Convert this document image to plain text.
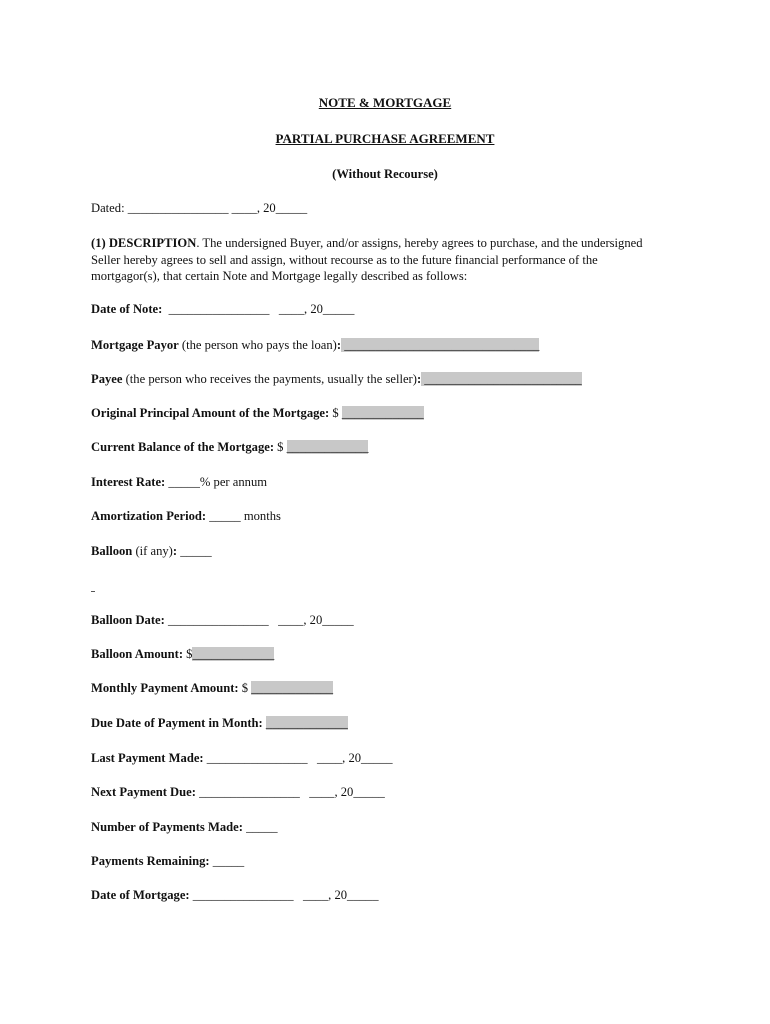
NOTE & MORTGAGE
PARTIAL PURCHASE AGREEMENT
(Without Recourse)
Dated: ________________ ____, 20_____
(1) DESCRIPTION. The undersigned Buyer, and/or assigns, hereby agrees to purchase, and the undersigned Seller hereby agrees to sell and assign, without recourse as to the future financial performance of the mortgagor(s), that certain Note and Mortgage legally described as follows:
Date of Note:  ________________   ____, 20_____
Mortgage Payor (the person who pays the loan): _______________________________
Payee (the person who receives the payments, usually the seller): _________________________
Original Principal Amount of the Mortgage: $ _____________
Current Balance of the Mortgage: $ _____________
Interest Rate: _____% per annum
Amortization Period: _____ months
Balloon (if any): _____
Balloon Date: ________________   ____, 20_____
Balloon Amount: $_____________
Monthly Payment Amount: $ _____________
Due Date of Payment in Month: _____________
Last Payment Made: ________________   ____, 20_____
Next Payment Due: ________________   ____, 20_____
Number of Payments Made: _____
Payments Remaining: _____
Date of Mortgage: ________________   ____, 20_____
